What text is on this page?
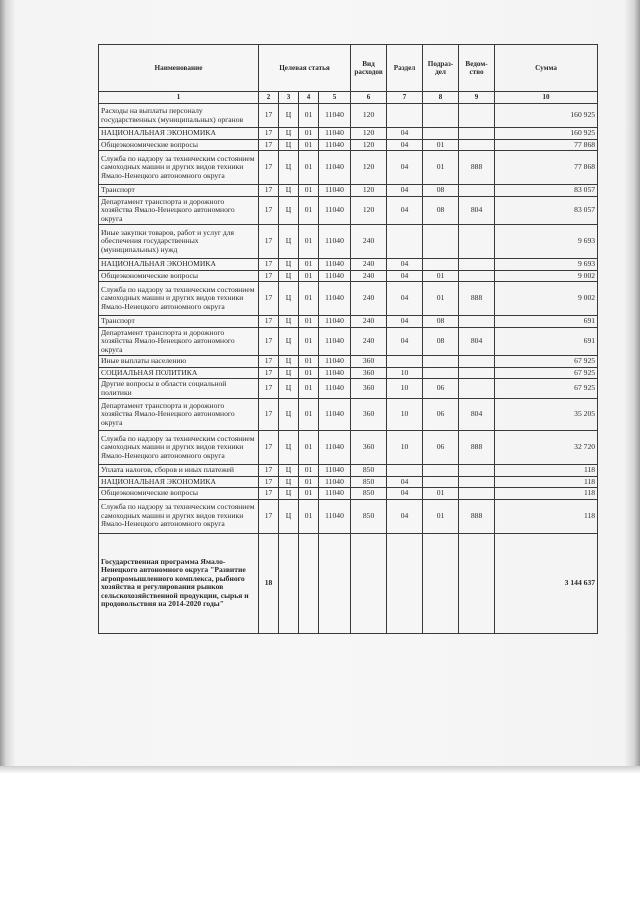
Наименование	Целевая статья				Вид расходов	Раздел	Подраз-дел	Ведом-ство	Сумма
1	2	3	4	5	6	7	8	9	10
Расходы на выплаты персоналу государственных (муниципальных) органов	17	Ц	01	11040	120				160 925
НАЦИОНАЛЬНАЯ ЭКОНОМИКА	17	Ц	01	11040	120	04			160 925
Общеэкономические вопросы	17	Ц	01	11040	120	04	01		77 868
Служба по надзору за техническим состоянием самоходных машин и других видов техники Ямало-Ненецкого автономного округа	17	Ц	01	11040	120	04	01	888	77 868
Транспорт	17	Ц	01	11040	120	04	08		83 057
Департамент транспорта и дорожного хозяйства Ямало-Ненецкого автономного округа	17	Ц	01	11040	120	04	08	804	83 057
Иные закупки товаров, работ и услуг для обеспечения государственных (муниципальных) нужд	17	Ц	01	11040	240				9 693
НАЦИОНАЛЬНАЯ ЭКОНОМИКА	17	Ц	01	11040	240	04			9 693
Общеэкономические вопросы	17	Ц	01	11040	240	04	01		9 002
Служба по надзору за техническим состоянием самоходных машин и других видов техники Ямало-Ненецкого автономного округа	17	Ц	01	11040	240	04	01	888	9 002
Транспорт	17	Ц	01	11040	240	04	08		691
Департамент транспорта и дорожного хозяйства Ямало-Ненецкого автономного округа	17	Ц	01	11040	240	04	08	804	691
Иные выплаты населению	17	Ц	01	11040	360				67 925
СОЦИАЛЬНАЯ ПОЛИТИКА	17	Ц	01	11040	360	10			67 925
Другие вопросы в области социальной политики	17	Ц	01	11040	360	10	06		67 925
Департамент транспорта и дорожного хозяйства Ямало-Ненецкого автономного округа	17	Ц	01	11040	360	10	06	804	35 205
Служба по надзору за техническим состоянием самоходных машин и других видов техники Ямало-Ненецкого автономного округа	17	Ц	01	11040	360	10	06	888	32 720
Уплата налогов, сборов и иных платежей	17	Ц	01	11040	850				118
НАЦИОНАЛЬНАЯ ЭКОНОМИКА	17	Ц	01	11040	850	04			118
Общеэкономические вопросы	17	Ц	01	11040	850	04	01		118
Служба по надзору за техническим состоянием самоходных машин и других видов техники Ямало-Ненецкого автономного округа	17	Ц	01	11040	850	04	01	888	118
Государственная программа Ямало-Ненецкого автономного округа "Развитие агропромышленного комплекса, рыбного хозяйства и регулирования рынков сельскохозяйственной продукции, сырья и продовольствия на 2014-2020 годы"	18								3 144 637
